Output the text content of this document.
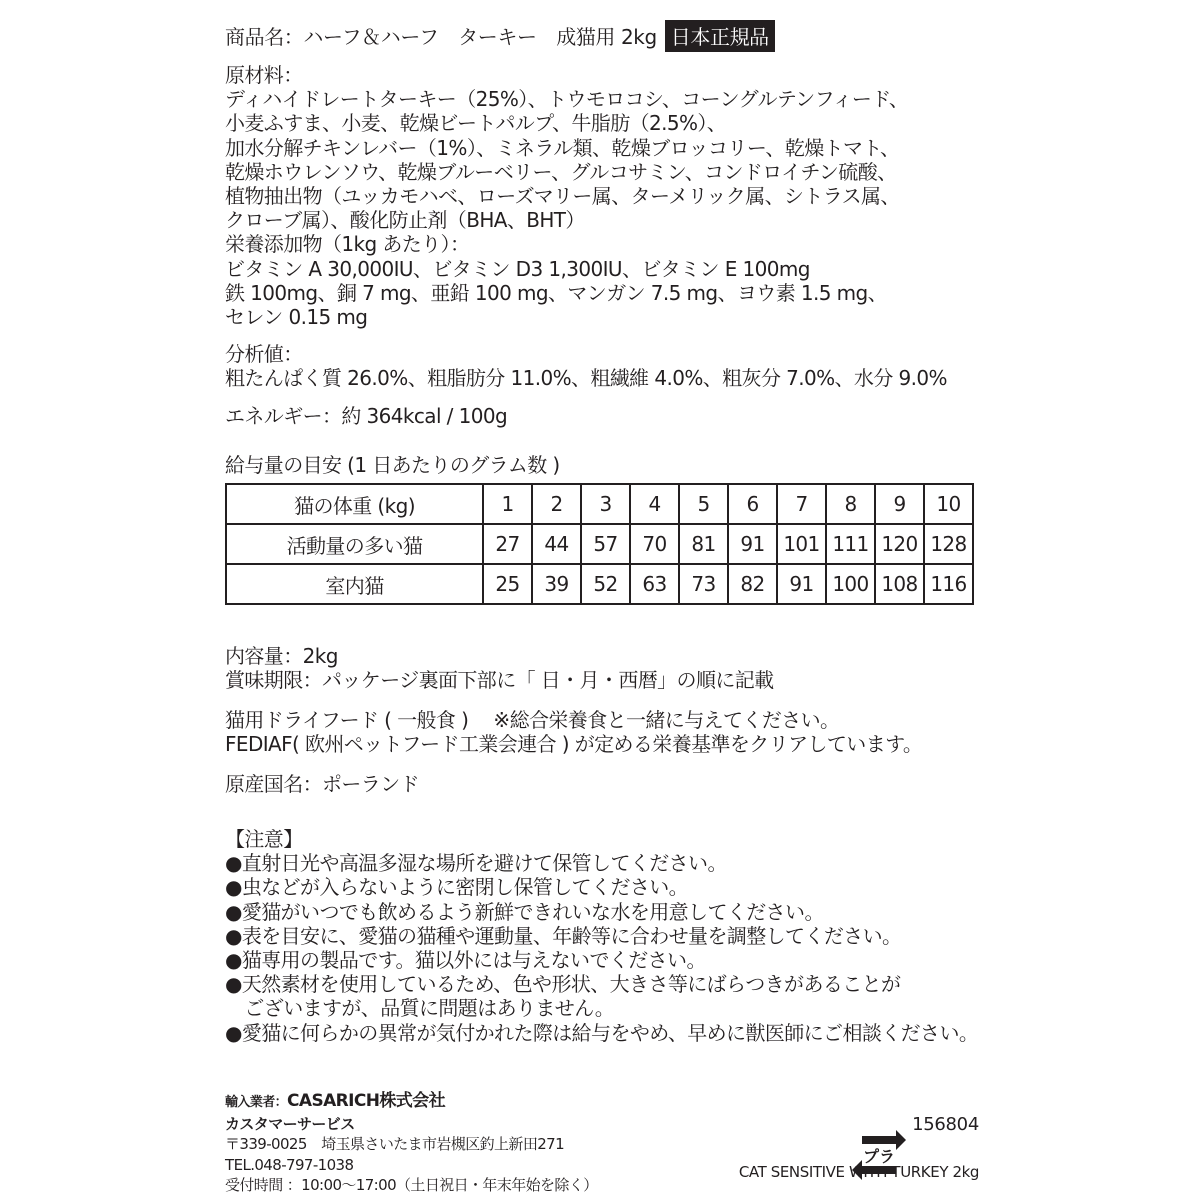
商品名：ハーフ＆ハーフ　ターキー　成猫用 2kg 日本正規品
原材料：
ディハイドレートターキー（25%）、トウモロコシ、コーングルテンフィード、
小麦ふすま、小麦、乾燥ビートパルプ、牛脂肪（2.5%）、
加水分解チキンレバー（1%）、ミネラル類、乾燥ブロッコリー、乾燥トマト、
乾燥ホウレンソウ、乾燥ブルーベリー、グルコサミン、コンドロイチン硫酸、
植物抽出物（ユッカモハベ、ローズマリー属、ターメリック属、シトラス属、
クローブ属）、酸化防止剤（BHA、BHT）
栄養添加物（1kg あたり）：
ビタミン A 30,000IU、ビタミン D3 1,300IU、ビタミン E 100mg
鉄 100mg、銅 7 mg、亜鉛 100 mg、マンガン 7.5 mg、ヨウ素 1.5 mg、
セレン 0.15 mg
分析値：
粗たんぱく質 26.0%、粗脂肪分 11.0%、粗繊維 4.0%、粗灰分 7.0%、水分 9.0%
エネルギー：約 364kcal / 100g
給与量の目安 (1 日あたりのグラム数 )
猫の体重 (kg)	1	2	3	4	5	6	7	8	9	10
活動量の多い猫	27	44	57	70	81	91	101	111	120	128
室内猫	25	39	52	63	73	82	91	100	108	116
内容量：2kg
賞味期限：パッケージ裏面下部に「 日・月・西暦」の順に記載
猫用ドライフード ( 一般食 )　 ※総合栄養食と一緒に与えてください。
FEDIAF( 欧州ペットフード工業会連合 ) が定める栄養基準をクリアしています。
原産国名：ポーランド
【注意】
●直射日光や高温多湿な場所を避けて保管してください。
●虫などが入らないように密閉し保管してください。
●愛猫がいつでも飲めるよう新鮮できれいな水を用意してください。
●表を目安に、愛猫の猫種や運動量、年齢等に合わせ量を調整してください。
●猫専用の製品です。猫以外には与えないでください。
●天然素材を使用しているため、色や形状、大きさ等にばらつきがあることが
　ございますが、品質に問題はありません。
●愛猫に何らかの異常が気付かれた際は給与をやめ、早めに獣医師にご相談ください。
輸入業者：CASARICH株式会社
カスタマーサービス
〒339-0025　埼玉県さいたま市岩槻区釣上新田271
TEL.048-797-1038
受付時間 ：10:00～17:00（土日祝日・年末年始を除く）
プラ
156804
CAT SENSITIVE WITH TURKEY 2kg
